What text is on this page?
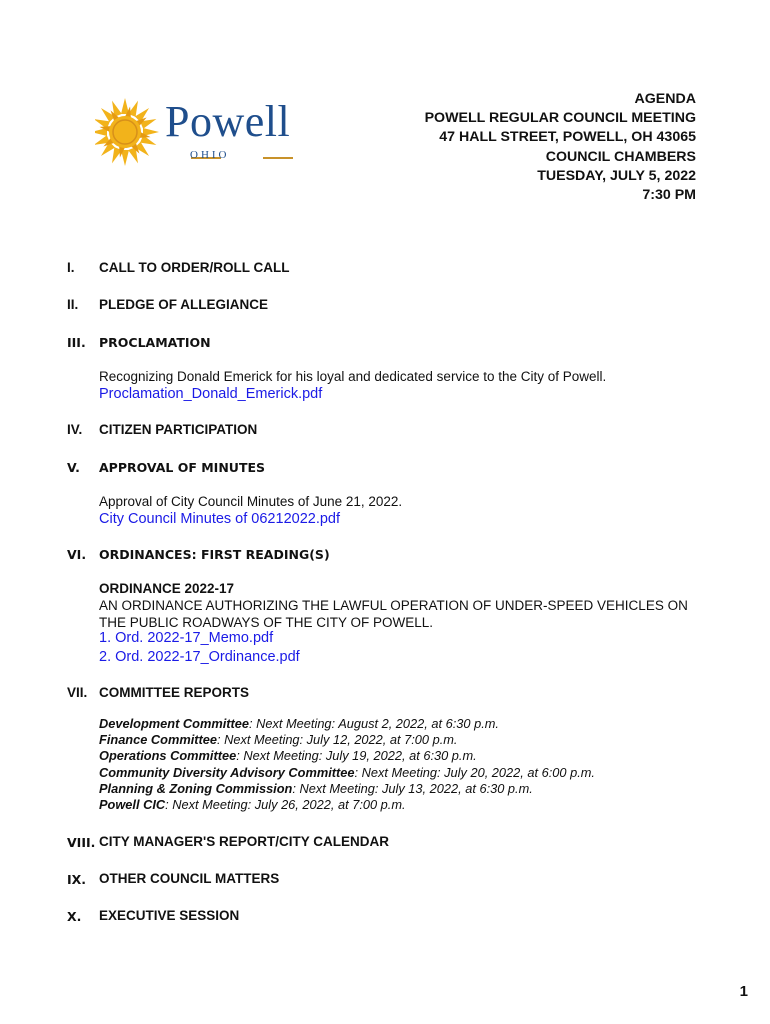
Powell
OHIO
AGENDA
POWELL REGULAR COUNCIL MEETING
47 HALL STREET, POWELL, OH 43065
COUNCIL CHAMBERS
TUESDAY, JULY 5, 2022
7:30 PM
I. CALL TO ORDER/ROLL CALL
II. PLEDGE OF ALLEGIANCE
III. PROCLAMATION
Recognizing Donald Emerick for his loyal and dedicated service to the City of Powell.
Proclamation_Donald_Emerick.pdf
IV. CITIZEN PARTICIPATION
V. APPROVAL OF MINUTES
Approval of City Council Minutes of June 21, 2022.
City Council Minutes of 06212022.pdf
VI. ORDINANCES: FIRST READING(S)
ORDINANCE 2022-17
AN ORDINANCE AUTHORIZING THE LAWFUL OPERATION OF UNDER-SPEED VEHICLES ON
THE PUBLIC ROADWAYS OF THE CITY OF POWELL.
1. Ord. 2022-17_Memo.pdf
2. Ord. 2022-17_Ordinance.pdf
VII. COMMITTEE REPORTS
Development Committee: Next Meeting: August 2, 2022, at 6:30 p.m.
Finance Committee: Next Meeting: July 12, 2022, at 7:00 p.m.
Operations Committee: Next Meeting: July 19, 2022, at 6:30 p.m.
Community Diversity Advisory Committee: Next Meeting: July 20, 2022, at 6:00 p.m.
Planning & Zoning Commission: Next Meeting: July 13, 2022, at 6:30 p.m.
Powell CIC: Next Meeting: July 26, 2022, at 7:00 p.m.
VIII. CITY MANAGER'S REPORT/CITY CALENDAR
IX. OTHER COUNCIL MATTERS
X. EXECUTIVE SESSION
1
